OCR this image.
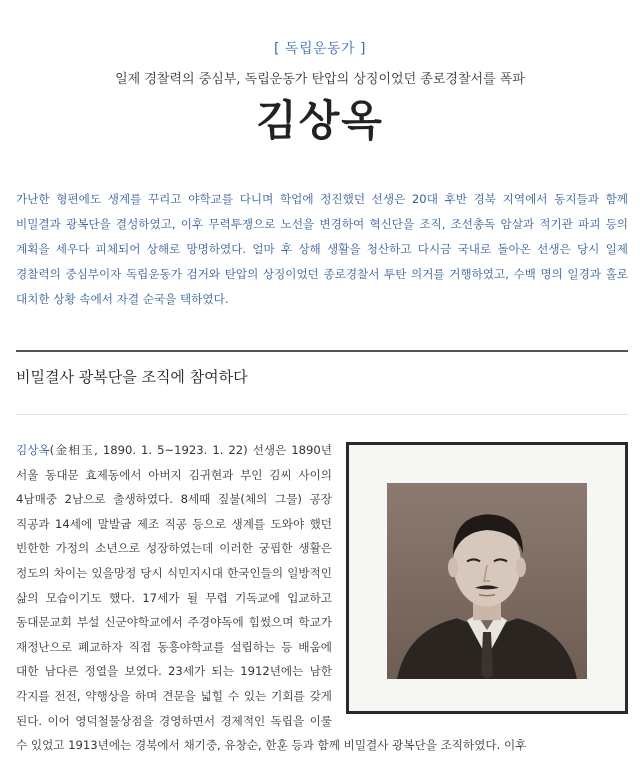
[ 독립운동가 ]
일제 경찰력의 중심부, 독립운동가 탄압의 상징이었던 종로경찰서를 폭파
김상옥
가난한 형편에도 생계를 꾸리고 야학교를 다니며 학업에 정진했던 선생은 20대 후반 경북 지역에서 동지들과 함께 비밀결과 광복단을 결성하였고, 이후 무력투쟁으로 노선을 변경하여 혁신단을 조직, 조선총독 암살과 적기관 파괴 등의 계획을 세우다 피체되어 상해로 망명하였다. 얼마 후 상해 생활을 청산하고 다시금 국내로 돌아온 선생은 당시 일제 경찰력의 중심부이자 독립운동가 검거와 탄압의 상징이었던 종로경찰서 투탄 의거를 거행하였고, 수백 명의 일경과 홀로 대치한 상황 속에서 자결 순국을 택하였다.
비밀결사 광복단을 조직에 참여하다
김상옥(金相玉, 1890. 1. 5~1923. 1. 22) 선생은 1890년 서울 동대문 효제동에서 아버지 김귀현과 부인 김씨 사이의 4남매중 2남으로 출생하였다. 8세때 짚불(체의 그물) 공장 직공과 14세에 말발굽 제조 직공 등으로 생계를 도와야 했던 빈한한 가정의 소년으로 성장하였는데 이러한 궁핍한 생활은 정도의 차이는 있을망정 당시 식민지시대 한국인들의 일방적인 삶의 모습이기도 했다. 17세가 될 무렵 기독교에 입교하고 동대문교회 부설 신군야학교에서 주경야독에 힘썼으며 학교가 재정난으로 폐교하자 직접 동흥야학교를 설립하는 등 배움에 대한 남다른 정열을 보였다. 23세가 되는 1912년에는 남한 각지를 전전, 약행상을 하며 견문을 넓힐 수 있는 기회를 갖게 된다. 이어 영덕철물상점을 경영하면서 경제적인 독립을 이룰 수 있었고 1913년에는 경북에서 채기중, 유창순, 한훈 등과 함께 비밀결사 광복단을 조직하였다. 이후
